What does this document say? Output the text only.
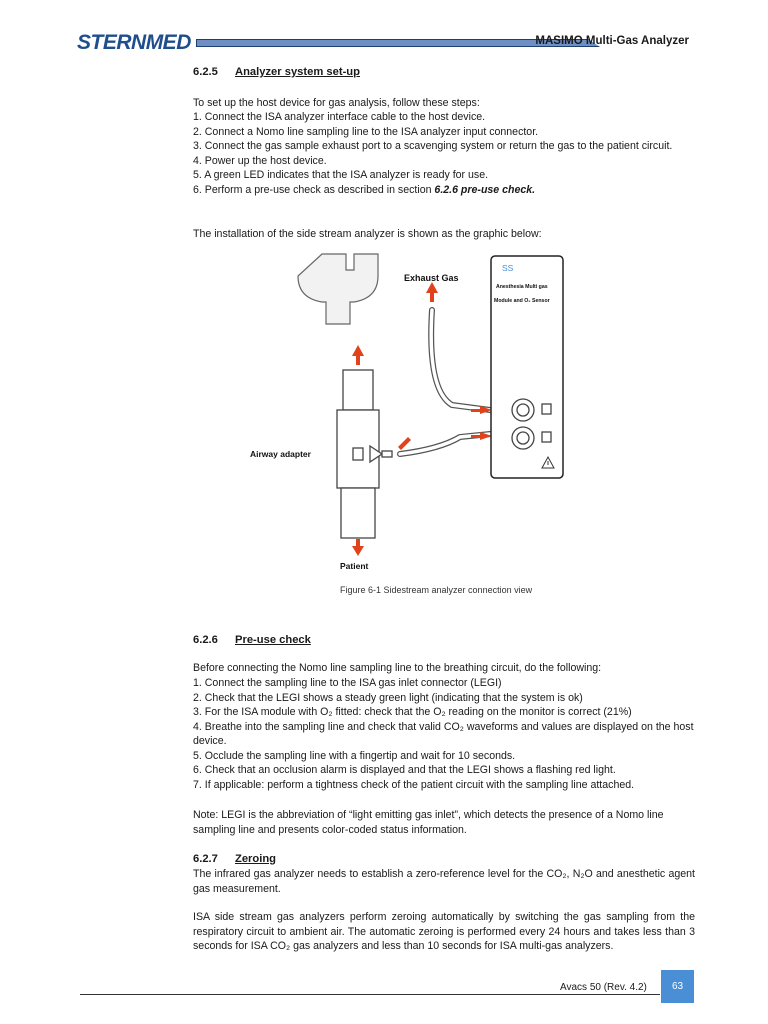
STERNMED	MASIMO Multi-Gas Analyzer
6.2.5 Analyzer system set-up
To set up the host device for gas analysis, follow these steps:
1. Connect the ISA analyzer interface cable to the host device.
2. Connect a Nomo line sampling line to the ISA analyzer input connector.
3. Connect the gas sample exhaust port to a scavenging system or return the gas to the patient circuit.
4. Power up the host device.
5. A green LED indicates that the ISA analyzer is ready for use.
6. Perform a pre-use check as described in section 6.2.6 pre-use check.
The installation of the side stream analyzer is shown as the graphic below:
Exhaust Gas
SS
Anesthesia Multi gas
Module and O₂ Sensor
Airway adapter
Patient
Figure 6-1 Sidestream analyzer connection view
6.2.6 Pre-use check
Before connecting the Nomo line sampling line to the breathing circuit, do the following:
1. Connect the sampling line to the ISA gas inlet connector (LEGI)
2. Check that the LEGI shows a steady green light (indicating that the system is ok)
3. For the ISA module with O₂ fitted: check that the O₂ reading on the monitor is correct (21%)
4. Breathe into the sampling line and check that valid CO₂ waveforms and values are displayed on the host device.
5. Occlude the sampling line with a fingertip and wait for 10 seconds.
6. Check that an occlusion alarm is displayed and that the LEGI shows a flashing red light.
7. If applicable: perform a tightness check of the patient circuit with the sampling line attached.
Note: LEGI is the abbreviation of “light emitting gas inlet”, which detects the presence of a Nomo line sampling line and presents color-coded status information.
6.2.7 Zeroing
The infrared gas analyzer needs to establish a zero-reference level for the CO₂, N₂O and anesthetic agent gas measurement.
ISA side stream gas analyzers perform zeroing automatically by switching the gas sampling from the respiratory circuit to ambient air. The automatic zeroing is performed every 24 hours and takes less than 3 seconds for ISA CO₂ gas analyzers and less than 10 seconds for ISA multi-gas analyzers.
Avacs 50 (Rev. 4.2)	63
